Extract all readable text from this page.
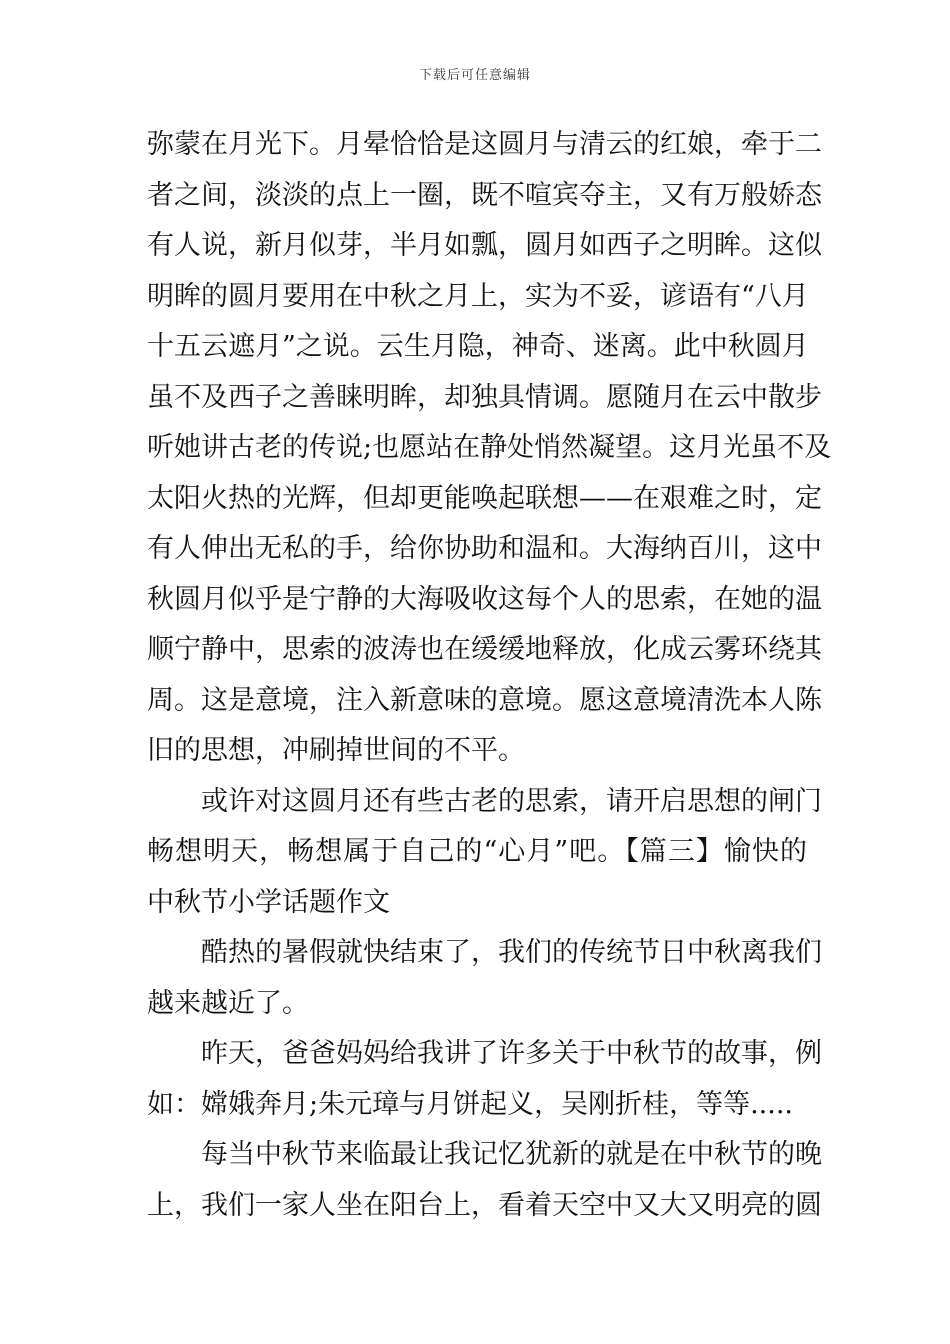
下载后可任意编辑
弥蒙在月光下。月晕恰恰是这圆月与清云的红娘，牵于二
者之间，淡淡的点上一圈，既不喧宾夺主，又有万般娇态
有人说，新月似芽，半月如瓢，圆月如西子之明眸。这似
明眸的圆月要用在中秋之月上，实为不妥，谚语有“八月
十五云遮月”之说。云生月隐，神奇、迷离。此中秋圆月
虽不及西子之善睐明眸，却独具情调。愿随月在云中散步
听她讲古老的传说;也愿站在静处悄然凝望。这月光虽不及
太阳火热的光辉，但却更能唤起联想——在艰难之时，定
有人伸出无私的手，给你协助和温和。大海纳百川，这中
秋圆月似乎是宁静的大海吸收这每个人的思索，在她的温
顺宁静中，思索的波涛也在缓缓地释放，化成云雾环绕其
周。这是意境，注入新意味的意境。愿这意境清洗本人陈
旧的思想，冲刷掉世间的不平。
或许对这圆月还有些古老的思索，请开启思想的闸门
畅想明天，畅想属于自己的“心月”吧。【篇三】愉快的
中秋节小学话题作文
酷热的暑假就快结束了，我们的传统节日中秋离我们
越来越近了。
昨天，爸爸妈妈给我讲了许多关于中秋节的故事，例
如：嫦娥奔月;朱元璋与月饼起义，吴刚折桂，等等.....
每当中秋节来临最让我记忆犹新的就是在中秋节的晚
上，我们一家人坐在阳台上，看着天空中又大又明亮的圆
